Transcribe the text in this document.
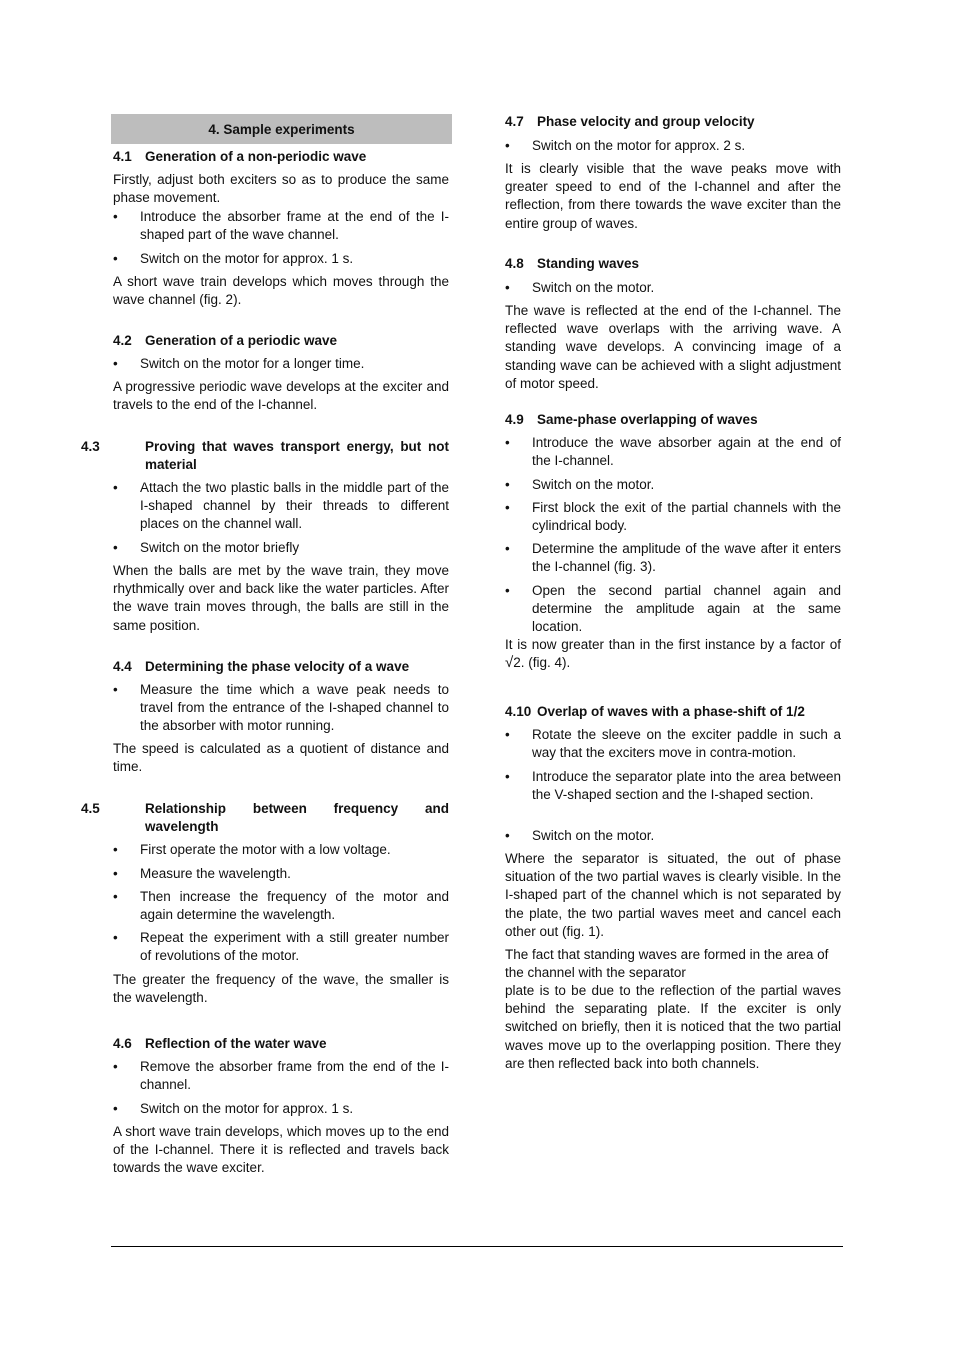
4. Sample experiments
4.1 Generation of a non-periodic wave
Firstly, adjust both exciters so as to produce the same phase movement.
• Introduce the absorber frame at the end of the I-shaped part of the wave channel.
• Switch on the motor for approx. 1 s.
A short wave train develops which moves through the wave channel (fig. 2).
4.2 Generation of a periodic wave
• Switch on the motor for a longer time.
A progressive periodic wave develops at the exciter and travels to the end of the I-channel.
4.3	Proving that waves transport energy, but not material
• Attach the two plastic balls in the middle part of the I-shaped channel by their threads to different places on the channel wall.
• Switch on the motor briefly
When the balls are met by the wave train, they move rhythmically over and back like the water particles. After the wave train moves through, the balls are still in the same position.
4.4 Determining the phase velocity of a wave
• Measure the time which a wave peak needs to travel from the entrance of the I-shaped channel to the absorber with motor running.
The speed is calculated as a quotient of distance and time.
4.5	Relationship between frequency and wavelength
• First operate the motor with a low voltage.
• Measure the wavelength.
• Then increase the frequency of the motor and again determine the wavelength.
• Repeat the experiment with a still greater number of revolutions of the motor.
The greater the frequency of the wave, the smaller is the wavelength.
4.6 Reflection of the water wave
• Remove the absorber frame from the end of the I-channel.
• Switch on the motor for approx. 1 s.
A short wave train develops, which moves up to the end of the I-channel. There it is reflected and travels back towards the wave exciter.
4.7 Phase velocity and group velocity
• Switch on the motor for approx. 2 s.
It is clearly visible that the wave peaks move with greater speed to end of the I-channel and after the reflection, from there towards the wave exciter than the entire group of waves.
4.8 Standing waves
• Switch on the motor.
The wave is reflected at the end of the I-channel. The reflected wave overlaps with the arriving wave. A standing wave develops. A convincing image of a standing wave can be achieved with a slight adjustment of motor speed.
4.9 Same-phase overlapping of waves
• Introduce the wave absorber again at the end of the I-channel.
• Switch on the motor.
• First block the exit of the partial channels with the cylindrical body.
• Determine the amplitude of the wave after it enters the I-channel (fig. 3).
• Open the second partial channel again and determine the amplitude again at the same location.
It is now greater than in the first instance by a factor of √2. (fig. 4).
4.10 Overlap of waves with a phase-shift of 1/2
• Rotate the sleeve on the exciter paddle in such a way that the exciters move in contra-motion.
• Introduce the separator plate into the area between the V-shaped section and the I-shaped section.
• Switch on the motor.
Where the separator is situated, the out of phase situation of the two partial waves is clearly visible. In the I-shaped part of the channel which is not separated by the plate, the two partial waves meet and cancel each other out (fig. 1).
The fact that standing waves are formed in the area of the channel with the separator
plate is to be due to the reflection of the partial waves behind the separating plate. If the exciter is only switched on briefly, then it is noticed that the two partial waves move up to the overlapping position. There they are then reflected back into both channels.
